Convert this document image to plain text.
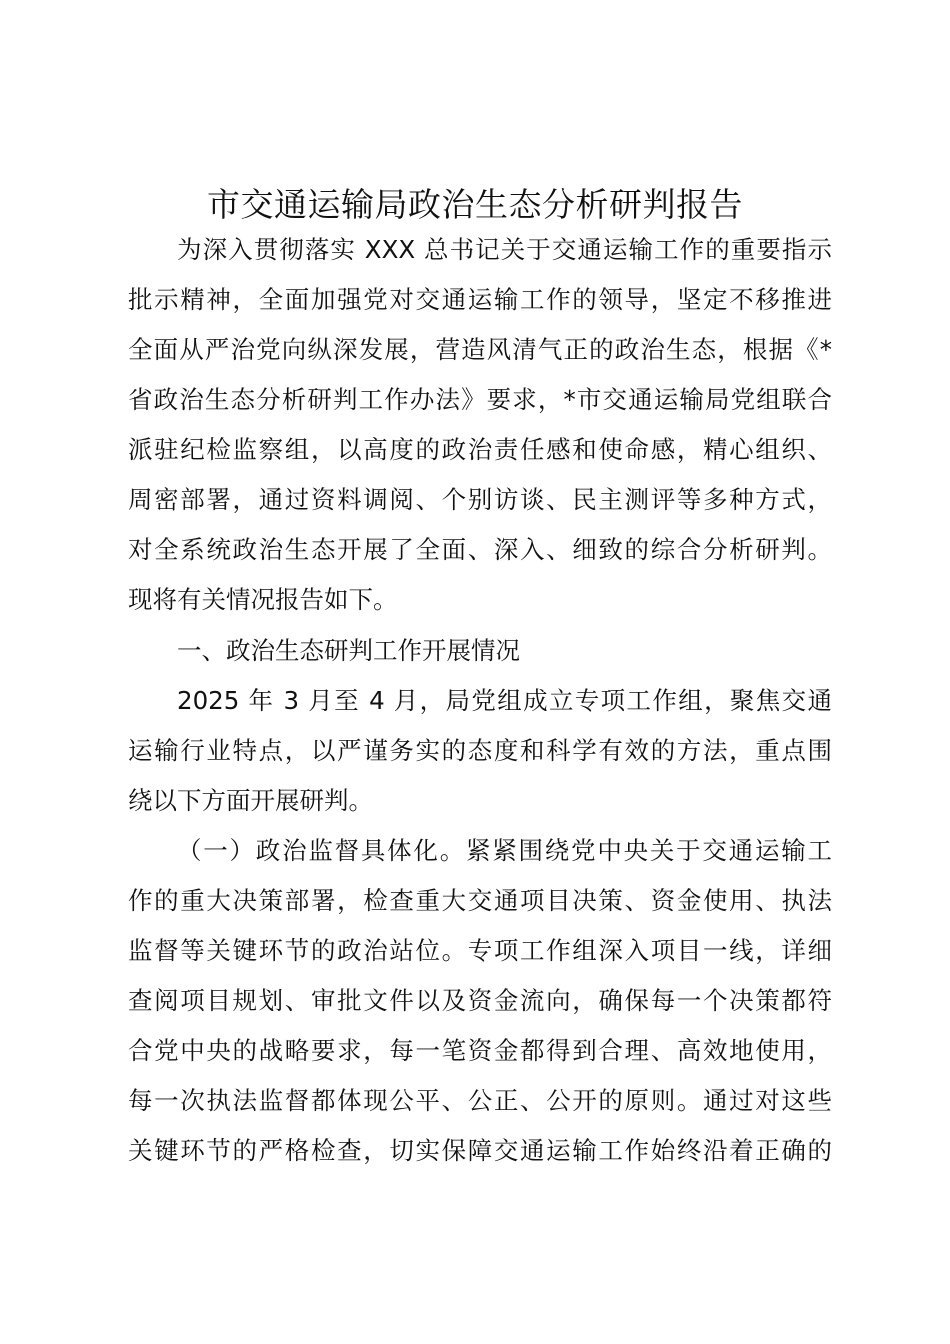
市交通运输局政治生态分析研判报告
为深入贯彻落实 XXX 总书记关于交通运输工作的重要指示
批示精神，全面加强党对交通运输工作的领导，坚定不移推进
全面从严治党向纵深发展，营造风清气正的政治生态，根据《*
省政治生态分析研判工作办法》要求，*市交通运输局党组联合
派驻纪检监察组，以高度的政治责任感和使命感，精心组织、
周密部署，通过资料调阅、个别访谈、民主测评等多种方式，
对全系统政治生态开展了全面、深入、细致的综合分析研判。
现将有关情况报告如下。
一、政治生态研判工作开展情况
2025 年 3 月至 4 月，局党组成立专项工作组，聚焦交通
运输行业特点，以严谨务实的态度和科学有效的方法，重点围
绕以下方面开展研判。
（一）政治监督具体化。紧紧围绕党中央关于交通运输工
作的重大决策部署，检查重大交通项目决策、资金使用、执法
监督等关键环节的政治站位。专项工作组深入项目一线，详细
查阅项目规划、审批文件以及资金流向，确保每一个决策都符
合党中央的战略要求，每一笔资金都得到合理、高效地使用，
每一次执法监督都体现公平、公正、公开的原则。通过对这些
关键环节的严格检查，切实保障交通运输工作始终沿着正确的
